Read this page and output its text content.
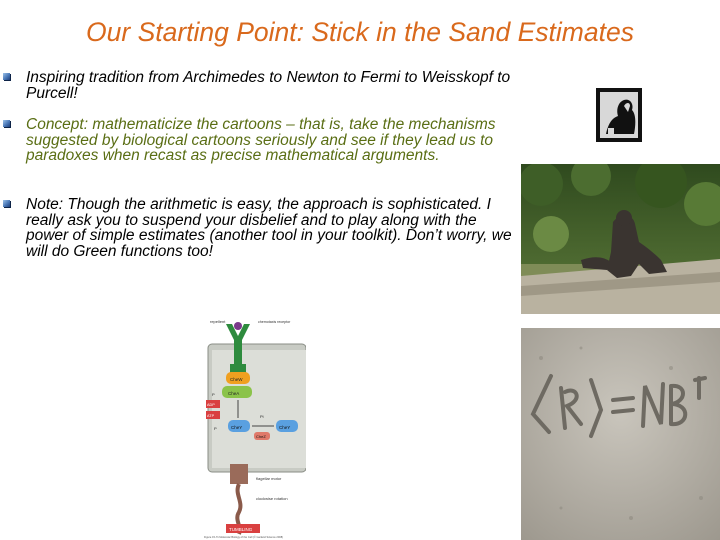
Our Starting Point: Stick in the Sand Estimates
Inspiring tradition from Archimedes to Newton to Fermi to Weisskopf to Purcell!
Concept: mathematicize the cartoons – that is, take the mechanisms suggested by biological cartoons seriously and see if they lead us to paradoxes when recast as precise mathematical arguments.
Note: Though the arithmetic is easy, the approach is sophisticated. I really ask you to suspend your disbelief and to play along with the power of simple estimates (another tool in your toolkit). Don’t worry, we will do Green functions too!
repellent	chemotaxis receptor
CheW
CheA
P
ADP
ATP	Pi
CheY	CheY
P
CheZ
flagellar motor
clockwise rotation
TUMBLING
Figure 15-71 Molecular Biology of the Cell (© Garland Science 2008)
